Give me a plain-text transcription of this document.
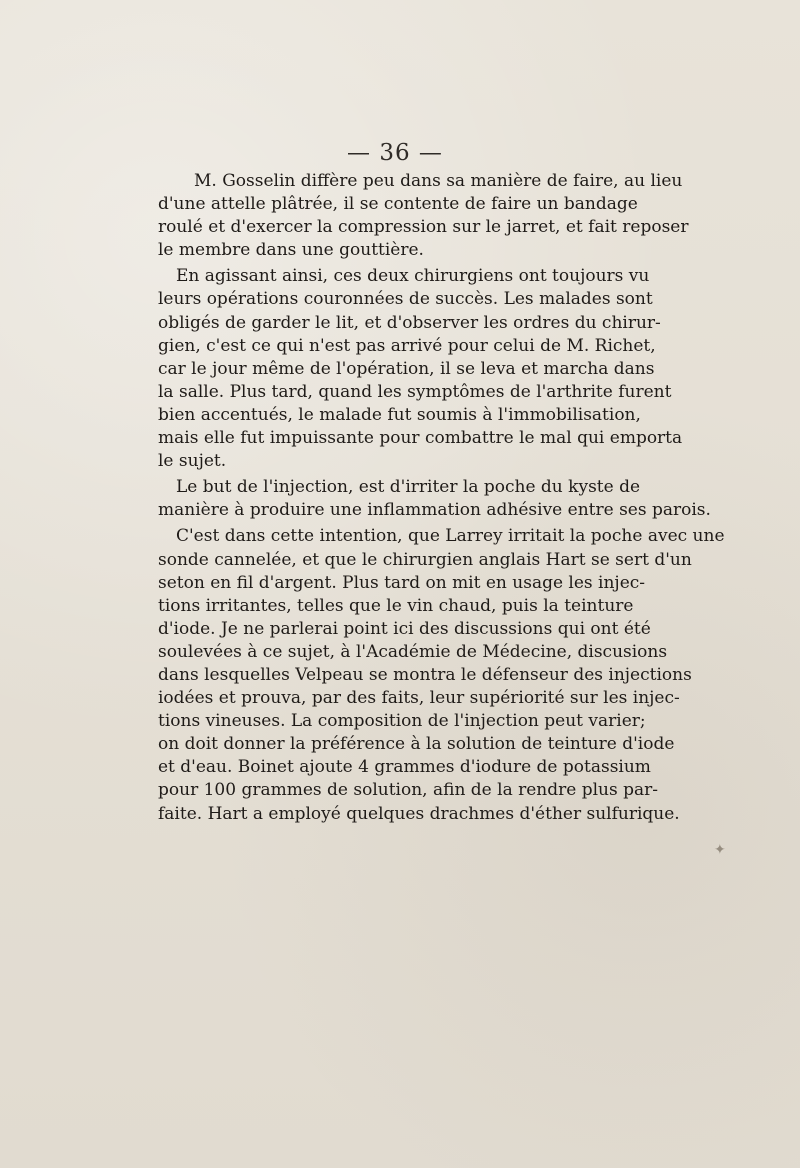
— 36 —
M. Gosselin diffère peu dans sa manière de faire, au lieu
d'une attelle plâtrée, il se contente de faire un bandage
roulé et d'exercer la compression sur le jarret, et fait reposer
le membre dans une gouttière.
En agissant ainsi, ces deux chirurgiens ont toujours vu
leurs opérations couronnées de succès. Les malades sont
obligés de garder le lit, et d'observer les ordres du chirur-
gien, c'est ce qui n'est pas arrivé pour celui de M. Richet,
car le jour même de l'opération, il se leva et marcha dans
la salle. Plus tard, quand les symptômes de l'arthrite furent
bien accentués, le malade fut soumis à l'immobilisation,
mais elle fut impuissante pour combattre le mal qui emporta
le sujet.
Le but de l'injection, est d'irriter la poche du kyste de
manière à produire une inflammation adhésive entre ses parois.
C'est dans cette intention, que Larrey irritait la poche avec une
sonde cannelée, et que le chirurgien anglais Hart se sert d'un
seton en fil d'argent. Plus tard on mit en usage les injec-
tions irritantes, telles que le vin chaud, puis la teinture
d'iode. Je ne parlerai point ici des discussions qui ont été
soulevées à ce sujet, à l'Académie de Médecine, discusions
dans lesquelles Velpeau se montra le défenseur des injections
iodées et prouva, par des faits, leur supériorité sur les injec-
tions vineuses. La composition de l'injection peut varier;
on doit donner la préférence à la solution de teinture d'iode
et d'eau. Boinet ajoute 4 grammes d'iodure de potassium
pour 100 grammes de solution, afin de la rendre plus par-
faite. Hart a employé quelques drachmes d'éther sulfurique.
✦
